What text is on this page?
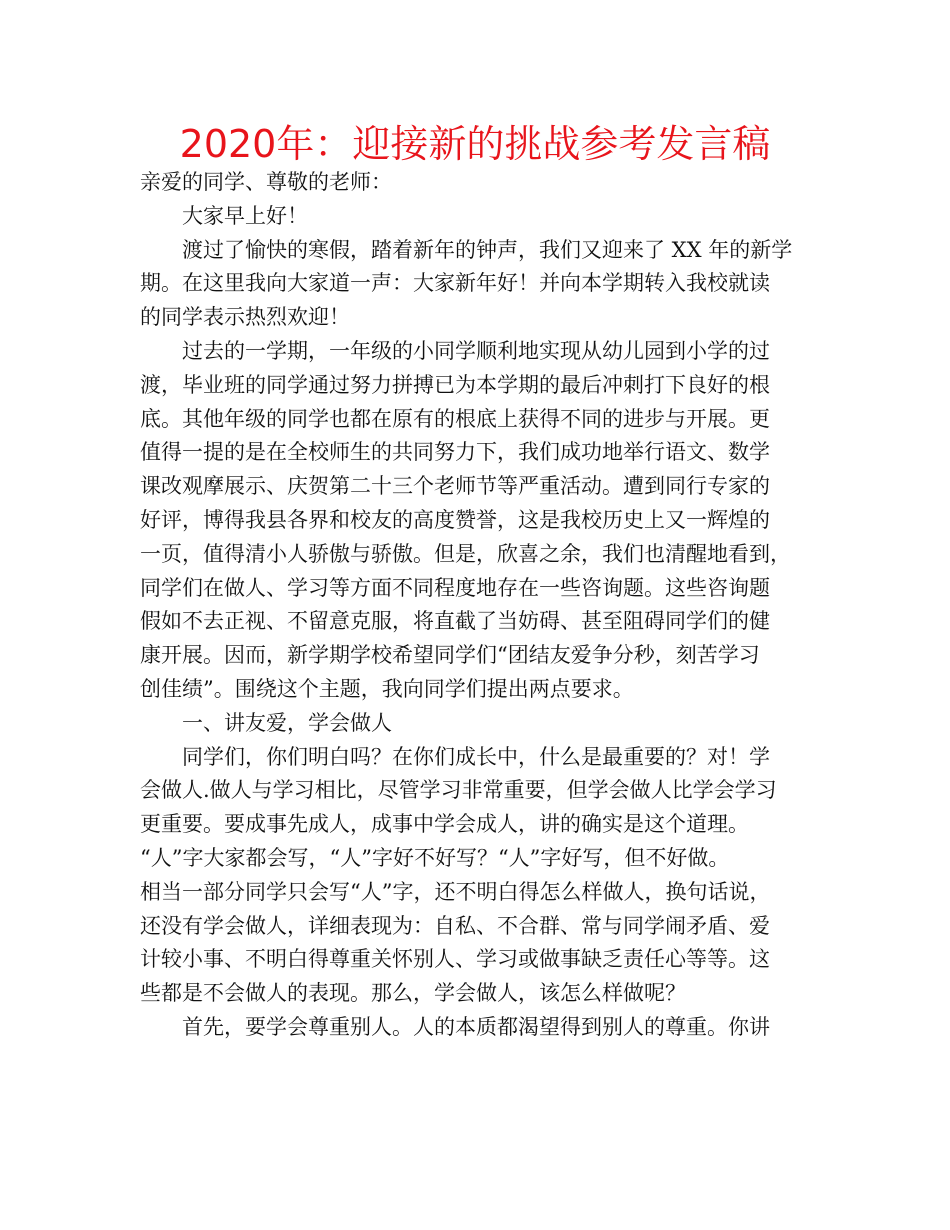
2020年：迎接新的挑战参考发言稿
亲爱的同学、尊敬的老师：
大家早上好！
渡过了愉快的寒假，踏着新年的钟声，我们又迎来了 XX 年的新学
期。在这里我向大家道一声：大家新年好！并向本学期转入我校就读
的同学表示热烈欢迎！
过去的一学期，一年级的小同学顺利地实现从幼儿园到小学的过
渡，毕业班的同学通过努力拼搏已为本学期的最后冲刺打下良好的根
底。其他年级的同学也都在原有的根底上获得不同的进步与开展。更
值得一提的是在全校师生的共同努力下，我们成功地举行语文、数学
课改观摩展示、庆贺第二十三个老师节等严重活动。遭到同行专家的
好评，博得我县各界和校友的高度赞誉，这是我校历史上又一辉煌的
一页，值得清小人骄傲与骄傲。但是，欣喜之余，我们也清醒地看到，
同学们在做人、学习等方面不同程度地存在一些咨询题。这些咨询题
假如不去正视、不留意克服，将直截了当妨碍、甚至阻碍同学们的健
康开展。因而，新学期学校希望同学们“团结友爱争分秒，刻苦学习
创佳绩”。围绕这个主题，我向同学们提出两点要求。
一、讲友爱，学会做人
同学们，你们明白吗？在你们成长中，什么是最重要的？对！学
会做人.做人与学习相比，尽管学习非常重要，但学会做人比学会学习
更重要。要成事先成人，成事中学会成人，讲的确实是这个道理。
“人”字大家都会写，“人”字好不好写？“人”字好写，但不好做。
相当一部分同学只会写“人”字，还不明白得怎么样做人，换句话说，
还没有学会做人，详细表现为：自私、不合群、常与同学闹矛盾、爱
计较小事、不明白得尊重关怀别人、学习或做事缺乏责任心等等。这
些都是不会做人的表现。那么，学会做人，该怎么样做呢？
首先，要学会尊重别人。人的本质都渴望得到别人的尊重。你讲
